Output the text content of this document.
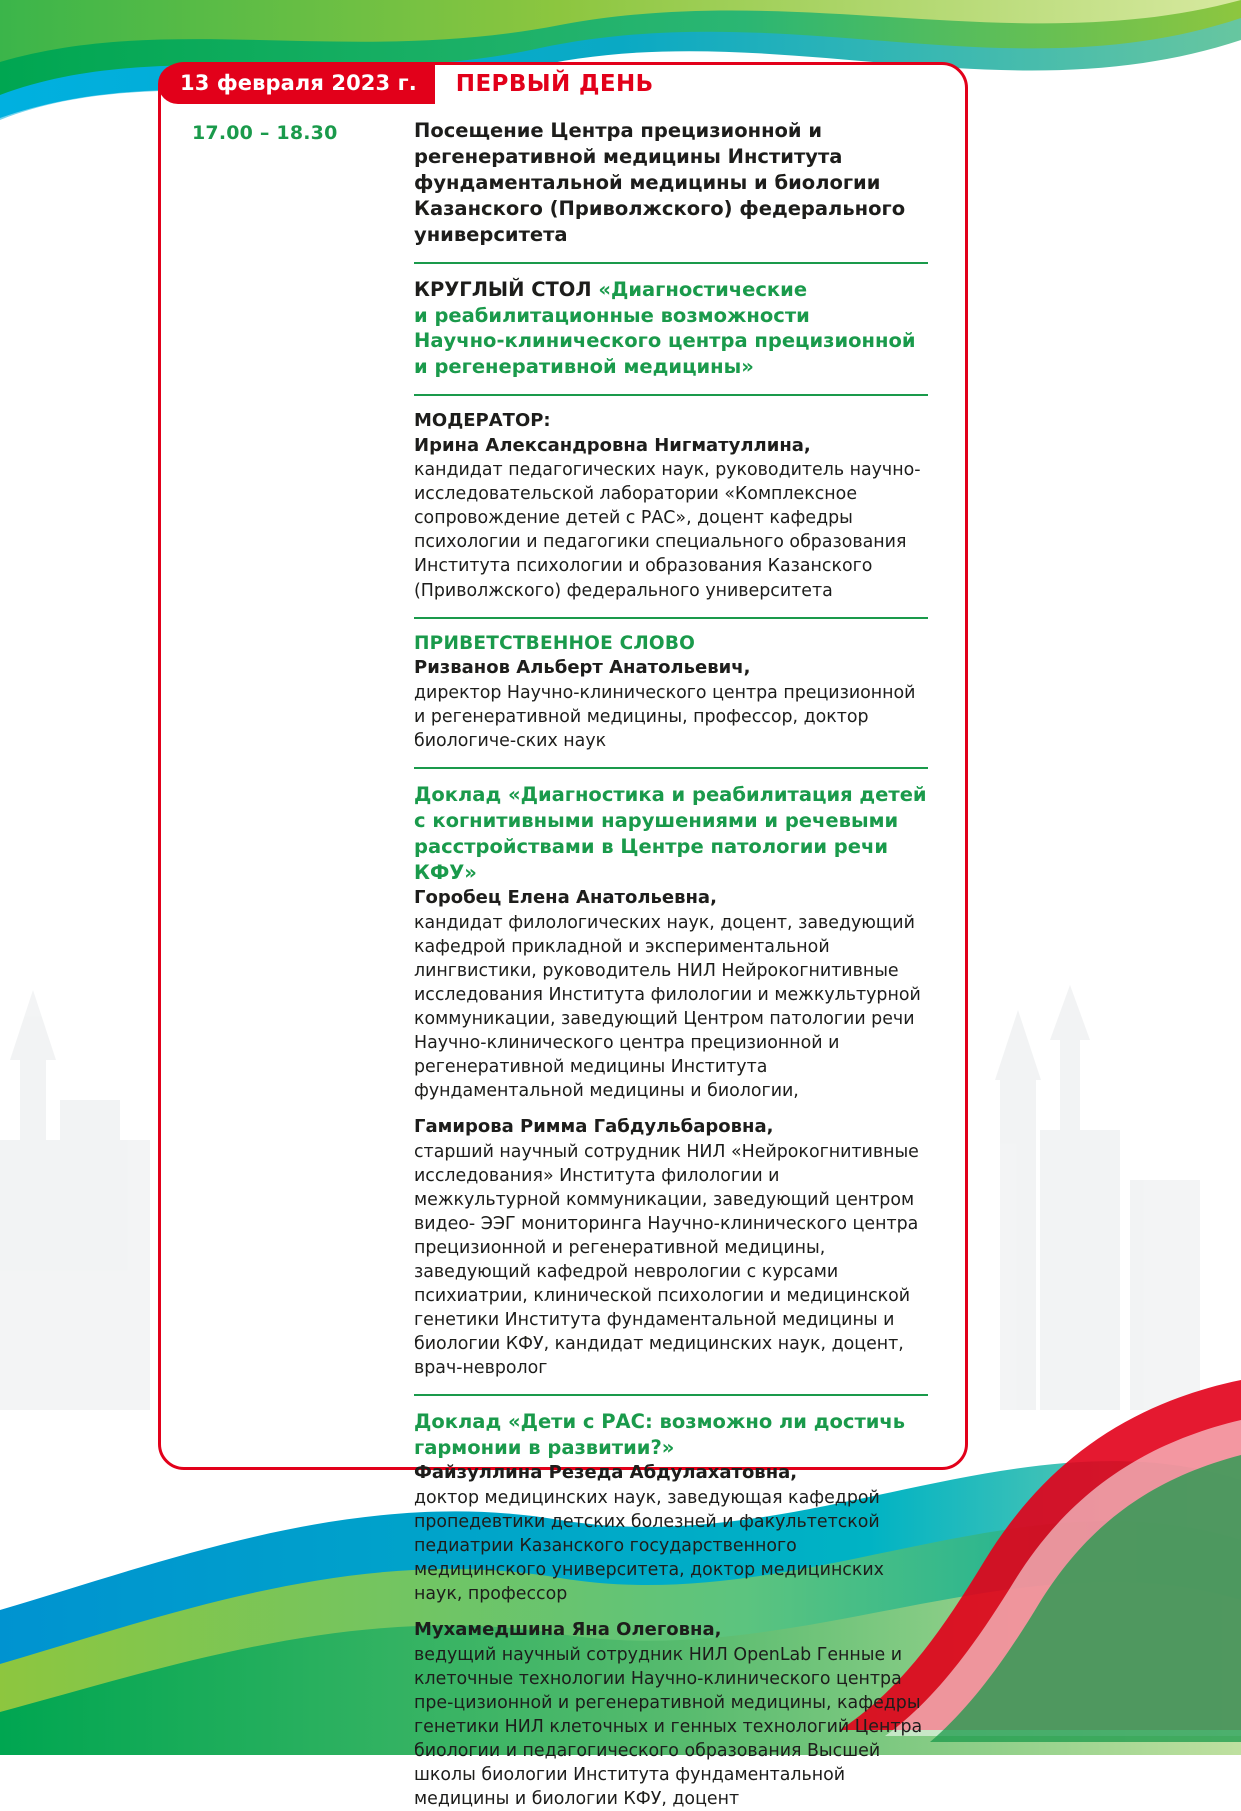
13 февраля 2023 г.	ПЕРВЫЙ ДЕНЬ
17.00 – 18.30	Посещение Центра прецизионной и регенеративной медицины Института фундаментальной медицины и биологии Казанского (Приволжского) федерального университета

КРУГЛЫЙ СТОЛ «Диагностические
и реабилитационные возможности
Научно-клинического центра прецизионной
и регенеративной медицины»

МОДЕРАТОР:

Ирина Александровна Нигматуллина,

кандидат педагогических наук, руководитель научно-исследовательской лаборатории «Комплексное сопровождение детей с РАС», доцент кафедры психологии и педагогики специального образования Института психологии и образования Казанского (Приволжского) федерального университета

ПРИВЕТСТВЕННОЕ СЛОВО

Ризванов Альберт Анатольевич,

директор Научно-клинического центра прецизионной и регенеративной медицины, профессор, доктор биологиче-ских наук

Доклад «Диагностика и реабилитация детей с когнитивными нарушениями и речевыми расстройствами в Центре патологии речи КФУ»

Горобец Елена Анатольевна,

кандидат филологических наук, доцент, заведующий кафедрой прикладной и экспериментальной лингвистики, руководитель НИЛ Нейрокогнитивные исследования Института филологии и межкультурной коммуникации, заведующий Центром патологии речи Научно-клинического центра прецизионной и регенеративной медицины Института фундаментальной медицины и биологии,

Гамирова Римма Габдульбаровна,

старший научный сотрудник НИЛ «Нейрокогнитивные исследования» Института филологии и межкультурной коммуникации, заведующий центром видео- ЭЭГ мониторинга Научно-клинического центра прецизионной и регенеративной медицины, заведующий кафедрой неврологии с курсами психиатрии, клинической психологии и медицинской генетики Института фундаментальной медицины и биологии КФУ, кандидат медицинских наук, доцент, врач-невролог

Доклад «Дети с РАС: возможно ли достичь гармонии в развитии?»

Файзуллина Резеда Абдулахатовна,

доктор медицинских наук, заведующая кафедрой пропедевтики детских болезней и факультетской педиатрии Казанского государственного медицинского университета, доктор медицинских наук, профессор

Мухамедшина Яна Олеговна,

ведущий научный сотрудник НИЛ OpenLab Генные и клеточные технологии Научно-клинического центра пре-цизионной и регенеративной медицины, кафедры генетики НИЛ клеточных и генных технологий Центра биологии и педагогического образования Высшей школы биологии Института фундаментальной медицины и биологии КФУ, доцент
